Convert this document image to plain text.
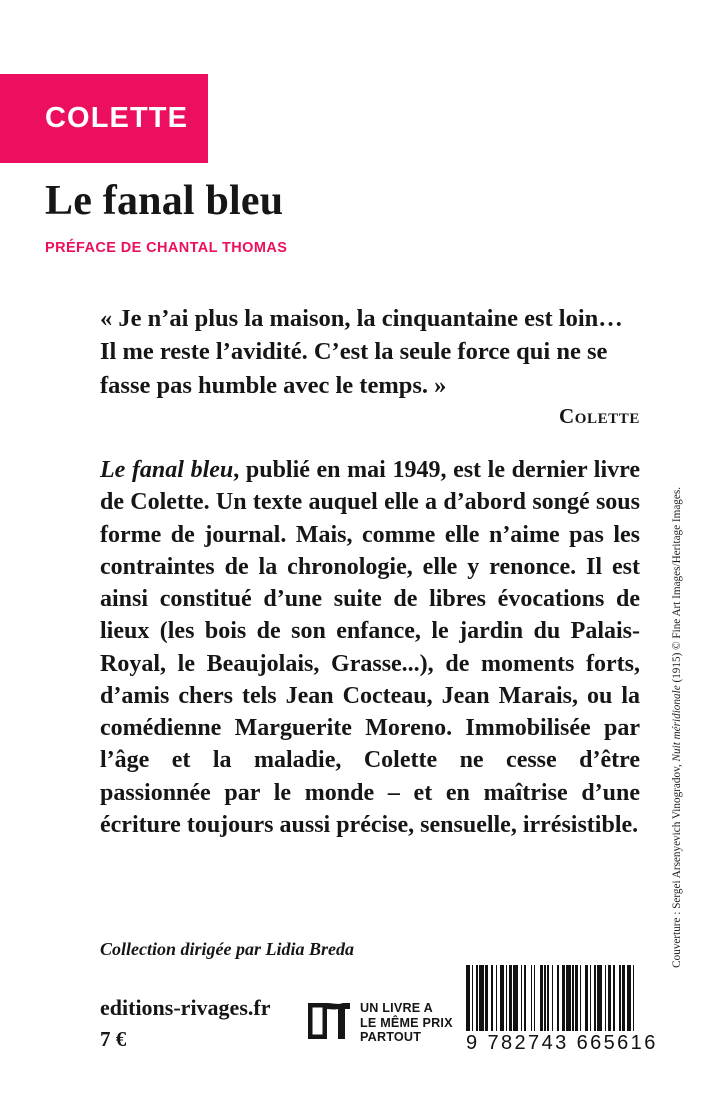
COLETTE
Le fanal bleu
PRÉFACE DE CHANTAL THOMAS

« Je n’ai plus la maison, la cinquantaine est loin… Il me reste l’avidité. C’est la seule force qui ne se fasse pas humble avec le temps. »

Colette

Le fanal bleu, publié en mai 1949, est le dernier livre de Colette. Un texte auquel elle a d’abord songé sous forme de journal. Mais, comme elle n’aime pas les contraintes de la chronologie, elle y renonce. Il est ainsi constitué d’une suite de libres évocations de lieux (les bois de son enfance, le jardin du Palais-Royal, le Beaujolais, Grasse...), de moments forts, d’amis chers tels Jean Cocteau, Jean Marais, ou la comédienne Marguerite Moreno. Immobilisée par l’âge et la maladie, Colette ne cesse d’être passionnée par le monde – et en maîtrise d’une écriture toujours aussi précise, sensuelle, irrésistible.

Collection dirigée par Lidia Breda
editions-rivages.fr
7 €
UN LIVRE A
LE MÊME PRIX
PARTOUT	9 782743 665616
Couverture : Sergei Arsenyevich Vinogradov, Nuit méridionale (1915) © Fine Art Images/Heritage Images.
